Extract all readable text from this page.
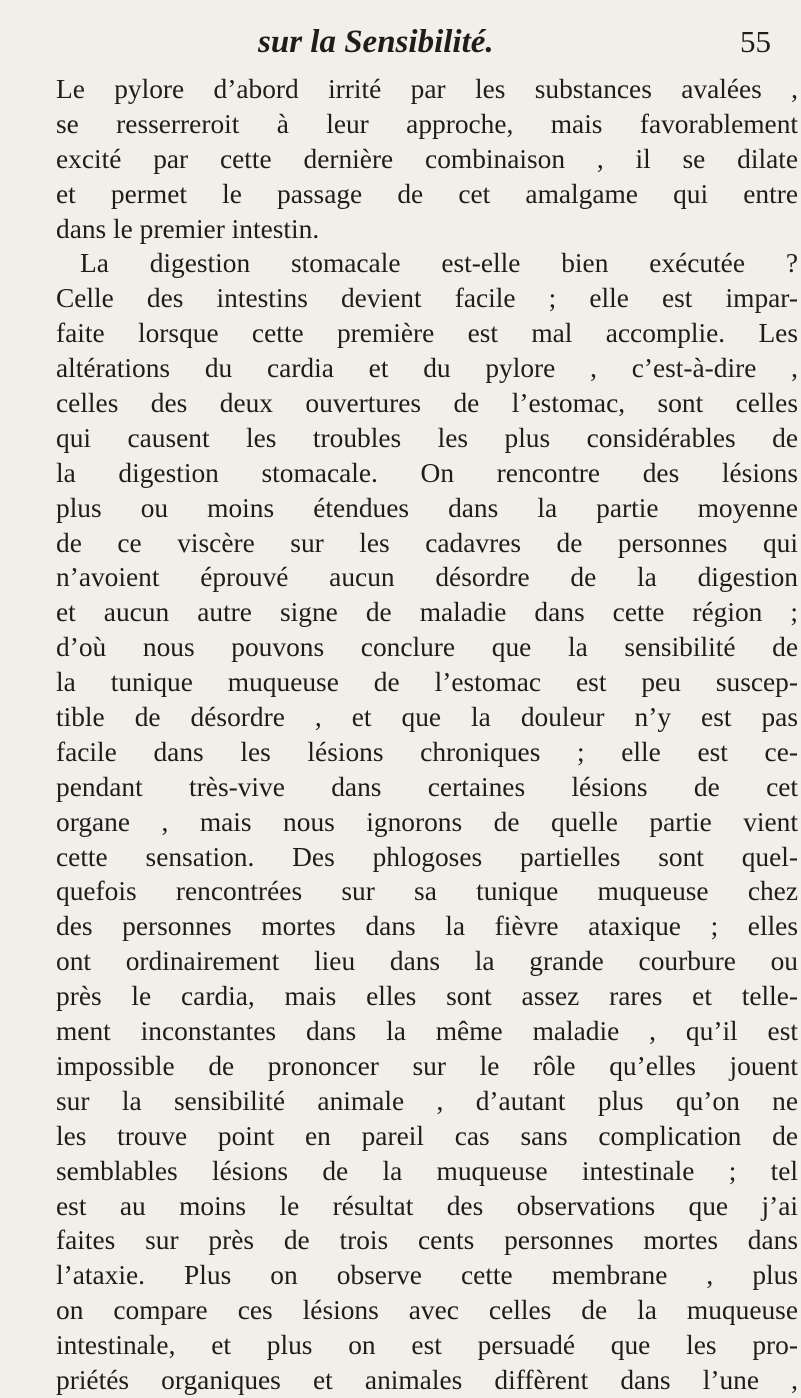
sur la Sensibilité.	55
Le pylore d’abord irrité par les substances avalées ,
se resserreroit à leur approche, mais favorablement
excité par cette dernière combinaison , il se dilate
et permet le passage de cet amalgame qui entre
dans le premier intestin.
La digestion stomacale est-elle bien exécutée ?
Celle des intestins devient facile ; elle est impar-
faite lorsque cette première est mal accomplie. Les
altérations du cardia et du pylore , c’est-à-dire ,
celles des deux ouvertures de l’estomac, sont celles
qui causent les troubles les plus considérables de
la digestion stomacale. On rencontre des lésions
plus ou moins étendues dans la partie moyenne
de ce viscère sur les cadavres de personnes qui
n’avoient éprouvé aucun désordre de la digestion
et aucun autre signe de maladie dans cette région ;
d’où nous pouvons conclure que la sensibilité de
la tunique muqueuse de l’estomac est peu suscep-
tible de désordre , et que la douleur n’y est pas
facile dans les lésions chroniques ; elle est ce-
pendant très-vive dans certaines lésions de cet
organe , mais nous ignorons de quelle partie vient
cette sensation. Des phlogoses partielles sont quel-
quefois rencontrées sur sa tunique muqueuse chez
des personnes mortes dans la fièvre ataxique ; elles
ont ordinairement lieu dans la grande courbure ou
près le cardia, mais elles sont assez rares et telle-
ment inconstantes dans la même maladie , qu’il est
impossible de prononcer sur le rôle qu’elles jouent
sur la sensibilité animale , d’autant plus qu’on ne
les trouve point en pareil cas sans complication de
semblables lésions de la muqueuse intestinale ; tel
est au moins le résultat des observations que j’ai
faites sur près de trois cents personnes mortes dans
l’ataxie. Plus on observe cette membrane , plus
on compare ces lésions avec celles de la muqueuse
intestinale, et plus on est persuadé que les pro-
priétés organiques et animales diffèrent dans l’une ,
